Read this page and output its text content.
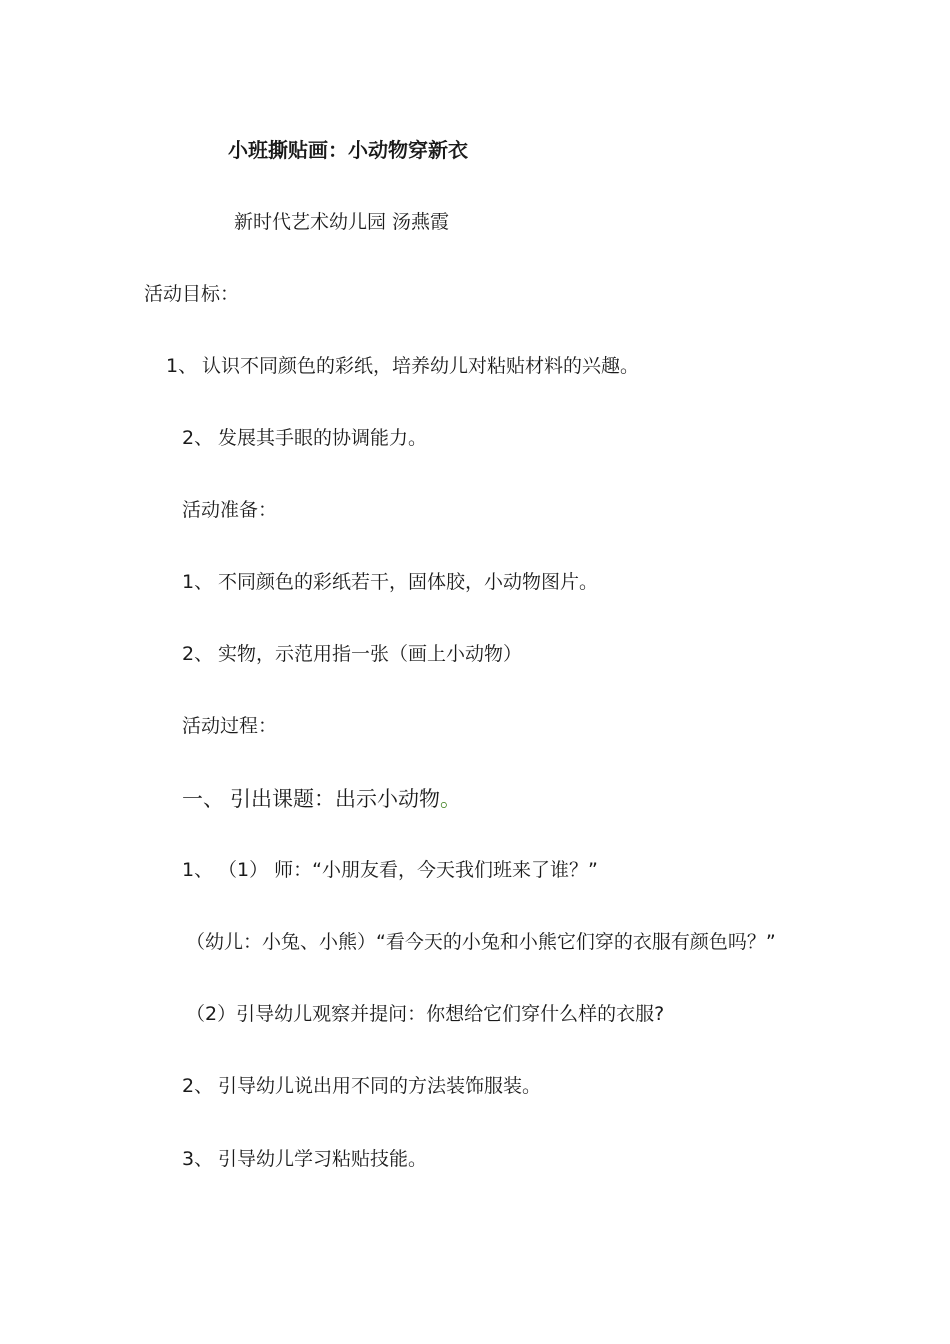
小班撕贴画：小动物穿新衣
新时代艺术幼儿园 汤燕霞
活动目标：
1、 认识不同颜色的彩纸，培养幼儿对粘贴材料的兴趣。
2、 发展其手眼的协调能力。
活动准备：
1、 不同颜色的彩纸若干，固体胶，小动物图片。
2、 实物，示范用指一张（画上小动物）
活动过程：
一、 引出课题：出示小动物。
1、 （1） 师：“小朋友看，今天我们班来了谁？”
（幼儿：小兔、小熊）“看今天的小兔和小熊它们穿的衣服有颜色吗？”
（2）引导幼儿观察并提问：你想给它们穿什么样的衣服?
2、 引导幼儿说出用不同的方法装饰服装。
3、 引导幼儿学习粘贴技能。
